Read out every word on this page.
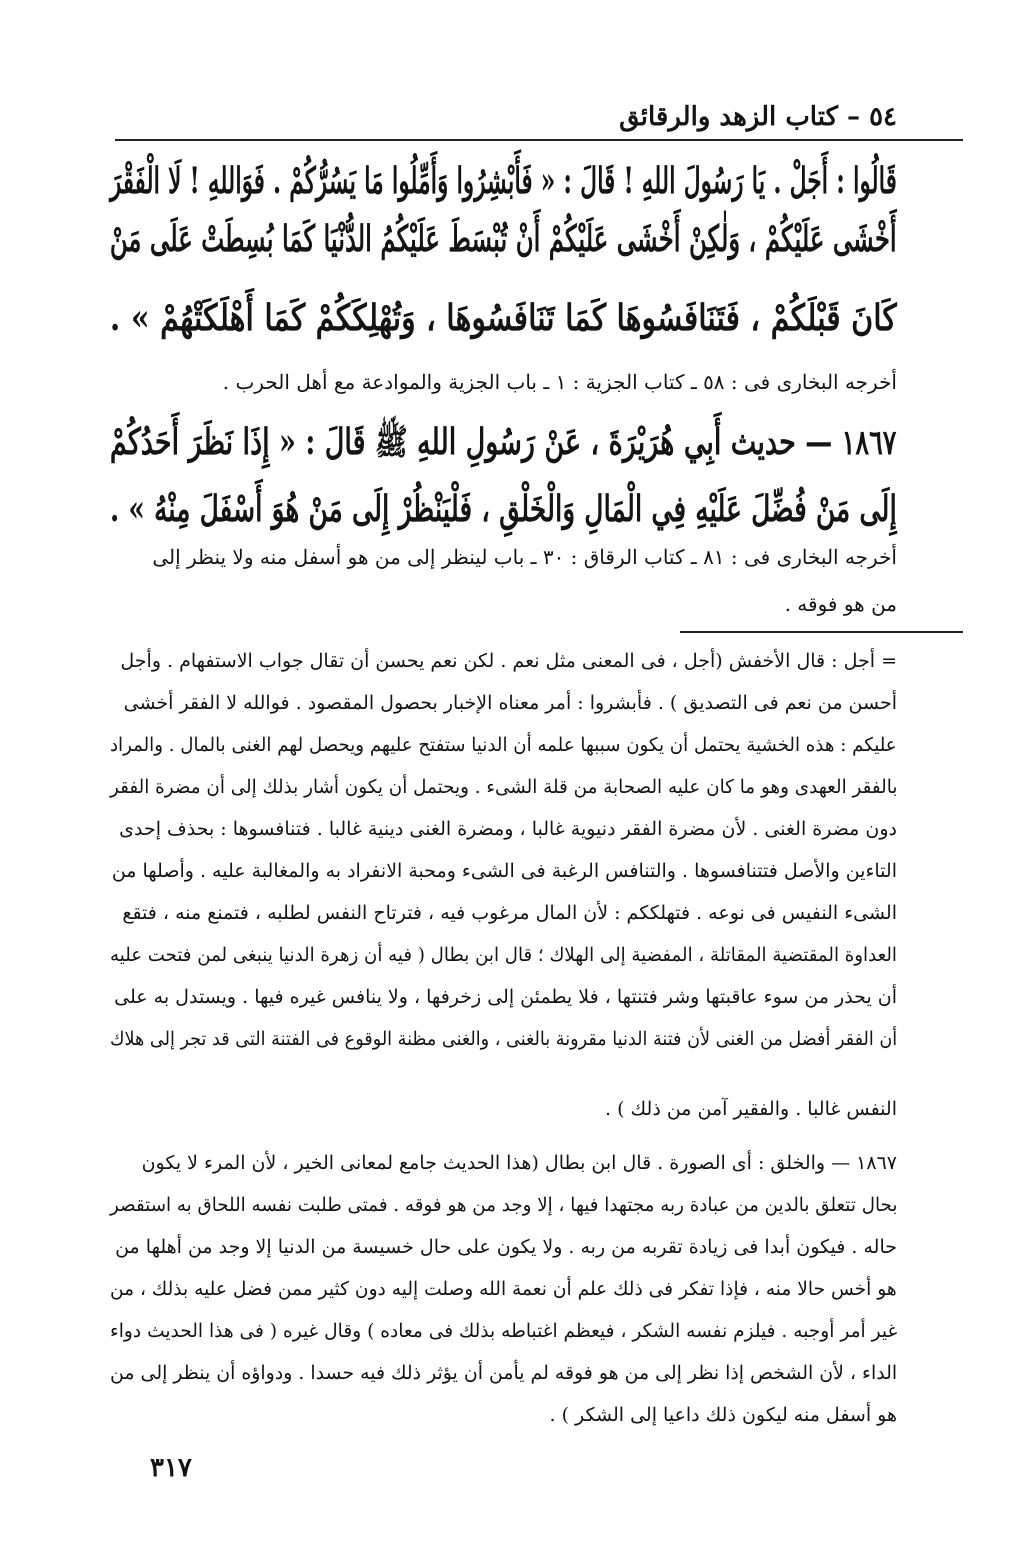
٥٤ – كتاب الزهد والرقائق
قَالُوا : أَجَلْ . يَا رَسُولَ اللهِ ! قَالَ : « فَأَبْشِرُوا وَأَمِّلُوا مَا يَسُرُّكُمْ . فَوَاللهِ ! لَا الْفَقْرَ
أَخْشَى عَلَيْكُمْ ، وَلٰكِنْ أَخْشَى عَلَيْكُمْ أَنْ تُبْسَطَ عَلَيْكُمُ الدُّنْيَا كَمَا بُسِطَتْ عَلَى مَنْ
كَانَ قَبْلَكُمْ ، فَتَنَافَسُوهَا كَمَا تَنَافَسُوهَا ، وَتُهْلِكَكُمْ كَمَا أَهْلَكَتْهُمْ » .
أخرجه البخارى فى : ٥٨ ـ كتاب الجزية : ١ ـ باب الجزية والموادعة مع أهل الحرب .
١٨٦٧ — حديث أَبِي هُرَيْرَةَ ، عَنْ رَسُولِ اللهِ ﷺ قَالَ : « إِذَا نَظَرَ أَحَدُكُمْ
إِلَى مَنْ فُضِّلَ عَلَيْهِ فِي الْمَالِ وَالْخَلْقِ ، فَلْيَنْظُرْ إِلَى مَنْ هُوَ أَسْفَلَ مِنْهُ » .
أخرجه البخارى فى : ٨١ ـ كتاب الرقاق : ٣٠ ـ باب لينظر إلى من هو أسفل منه ولا ينظر إلى
من هو فوقه .
= أجل : قال الأخفش (أجل ، فى المعنى مثل نعم . لكن نعم يحسن أن تقال جواب الاستفهام . وأجل
أحسن من نعم فى التصديق ) . فأبشروا : أمر معناه الإخبار بحصول المقصود . فوالله لا الفقر أخشى
عليكم : هذه الخشية يحتمل أن يكون سببها علمه أن الدنيا ستفتح عليهم ويحصل لهم الغنى بالمال . والمراد
بالفقر العهدى وهو ما كان عليه الصحابة من قلة الشىء . ويحتمل أن يكون أشار بذلك إلى أن مضرة الفقر
دون مضرة الغنى . لأن مضرة الفقر دنيوية غالبا ، ومضرة الغنى دينية غالبا . فتنافسوها : بحذف إحدى
التاءين والأصل فتتنافسوها . والتنافس الرغبة فى الشىء ومحبة الانفراد به والمغالبة عليه . وأصلها من
الشىء النفيس فى نوعه . فتهلككم : لأن المال مرغوب فيه ، فترتاح النفس لطلبه ، فتمنع منه ، فتقع
العداوة المقتضية المقاتلة ، المفضية إلى الهلاك ؛ قال ابن بطال ( فيه أن زهرة الدنيا ينبغى لمن فتحت عليه
أن يحذر من سوء عاقبتها وشر فتنتها ، فلا يطمئن إلى زخرفها ، ولا ينافس غيره فيها . ويستدل به على
أن الفقر أفضل من الغنى لأن فتنة الدنيا مقرونة بالغنى ، والغنى مظنة الوقوع فى الفتنة التى قد تجر إلى هلاك
النفس غالبا . والفقير آمن من ذلك ) .
١٨٦٧ — والخلق : أى الصورة . قال ابن بطال (هذا الحديث جامع لمعانى الخير ، لأن المرء لا يكون
بحال تتعلق بالدين من عبادة ربه مجتهدا فيها ، إلا وجد من هو فوقه . فمتى طلبت نفسه اللحاق به استقصر
حاله . فيكون أبدا فى زيادة تقربه من ربه . ولا يكون على حال خسيسة من الدنيا إلا وجد من أهلها من
هو أخس حالا منه ، فإذا تفكر فى ذلك علم أن نعمة الله وصلت إليه دون كثير ممن فضل عليه بذلك ، من
غير أمر أوجبه . فيلزم نفسه الشكر ، فيعظم اغتباطه بذلك فى معاده ) وقال غيره ( فى هذا الحديث دواء
الداء ، لأن الشخص إذا نظر إلى من هو فوقه لم يأمن أن يؤثر ذلك فيه حسدا . ودواؤه أن ينظر إلى من
هو أسفل منه ليكون ذلك داعيا إلى الشكر ) .
٣١٧
